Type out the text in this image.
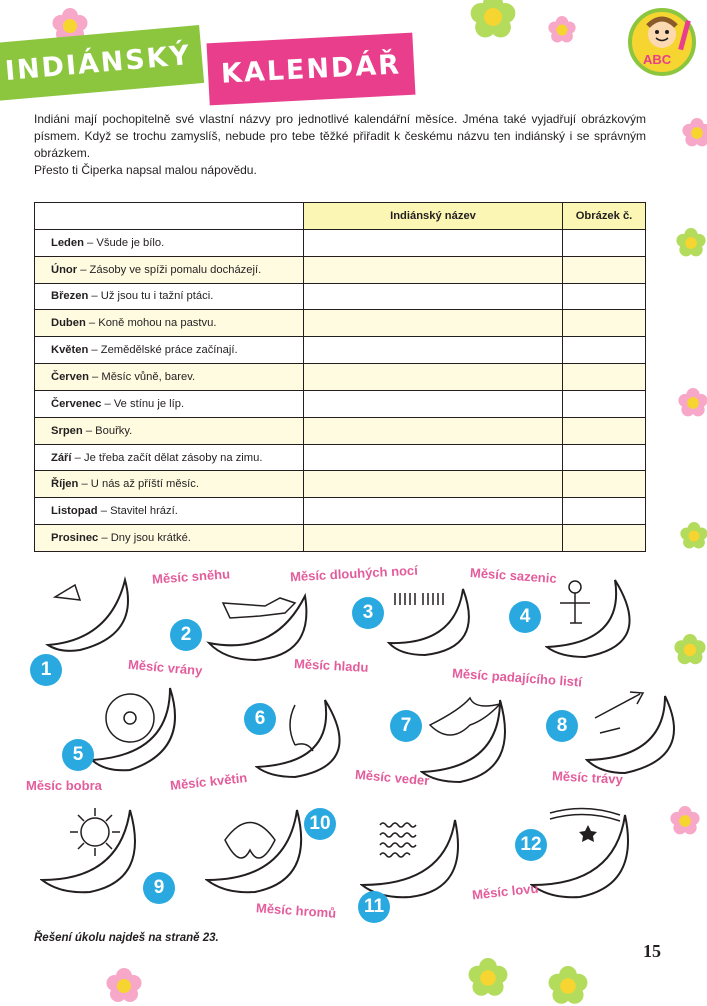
INDIÁNSKÝ KALENDÁŘ	ABC

Indiáni mají pochopitelně své vlastní názvy pro jednotlivé kalendářní měsíce. Jména také vyjadřují obrázkovým písmem. Když se trochu zamyslíš, nebude pro tebe těžké přiřadit k českému názvu ten indiánský i se správným obrázkem.

Přesto ti Čiperka napsal malou nápovědu.

	Indiánský název	Obrázek č.
Leden – Všude je bílo.		
Únor – Zásoby ve spíži pomalu docházejí.		
Březen – Už jsou tu i tažní ptáci.		
Duben – Koně mohou na pastvu.		
Květen – Zemědělské práce začínají.		
Červen – Měsíc vůně, barev.		
Červenec – Ve stínu je líp.		
Srpen – Bouřky.		
Září – Je třeba začít dělat zásoby na zimu.		
Říjen – U nás až příští měsíc.		
Listopad – Stavitel hrází.		
Prosinec – Dny jsou krátké.		
Měsíc sněhu	Měsíc dlouhých nocí	Měsíc sazenic
Měsíc vrány	Měsíc hladu	Měsíc padajícího listí
Měsíc bobra	Měsíc květin	Měsíc veder	Měsíc trávy
Měsíc hromů
Měsíc lovu
1
2
3	4
5
6	7	8
9
10
11
12
Řešení úkolu najdeš na straně 23.
15
